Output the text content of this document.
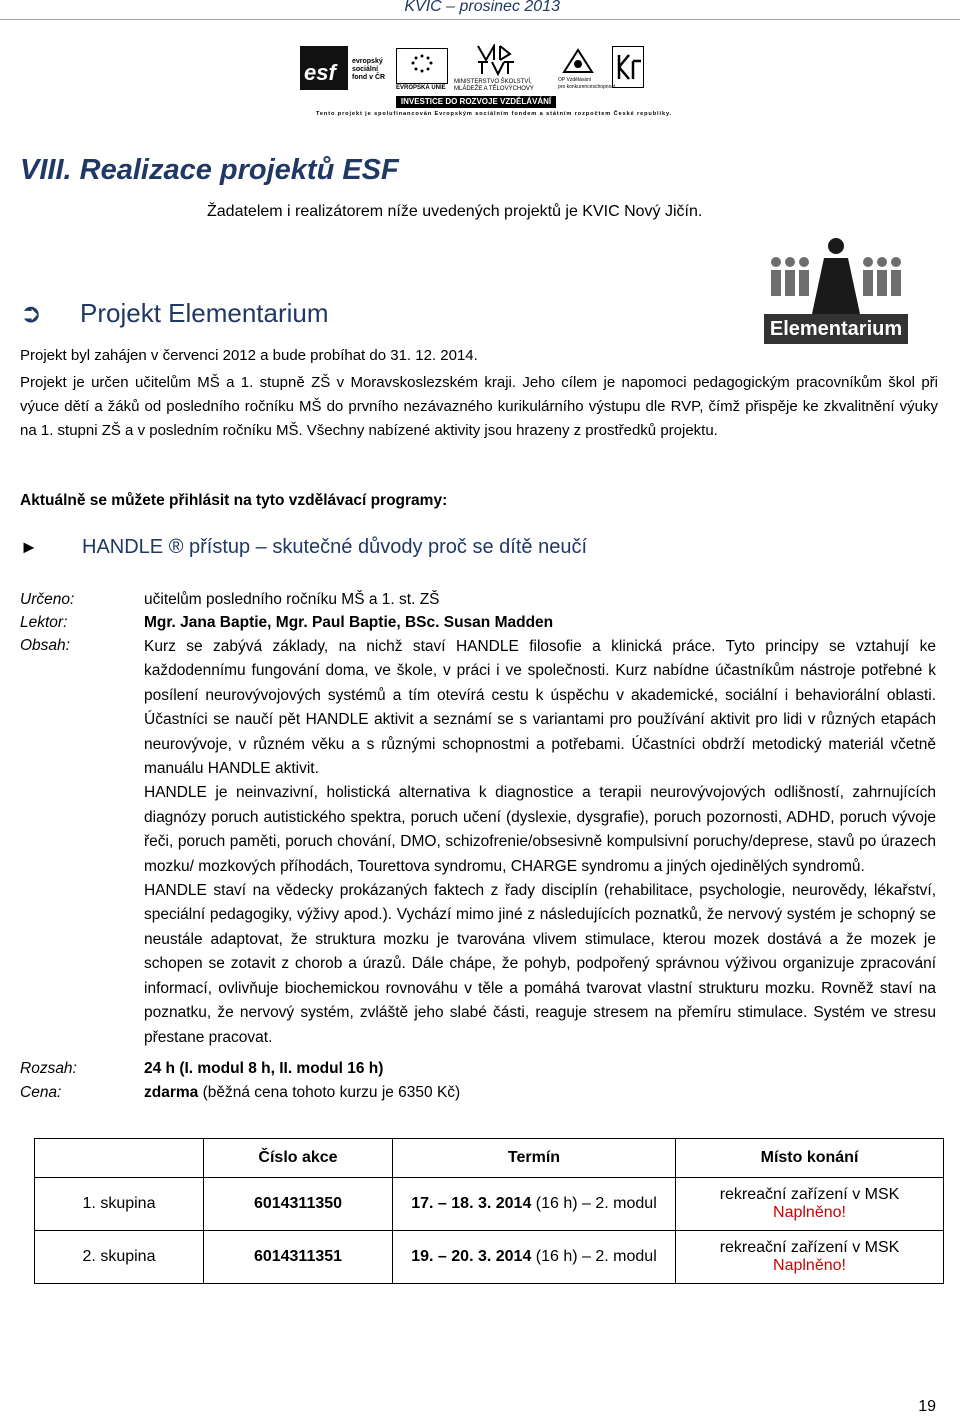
KVIC – prosinec 2013
esf evropský
sociální
fond v ČR
EVROPSKÁ UNIE
MINISTERSTVO ŠKOLSTVÍ,
MLÁDEŽE A TĚLOVÝCHOVY
OP Vzdělávání
pro konkurenceschopnost
INVESTICE DO ROZVOJE VZDĚLÁVÁNÍ
Tento projekt je spolufinancován Evropským sociálním fondem a státním rozpočtem České republiky.
VIII. Realizace projektů ESF
Žadatelem i realizátorem níže uvedených projektů je KVIC Nový Jičín.
➲ Projekt Elementarium
Elementarium
Projekt byl zahájen v červenci 2012 a bude probíhat do 31. 12. 2014.
Projekt je určen učitelům MŠ a 1. stupně ZŠ v Moravskoslezském kraji. Jeho cílem je napomoci pedagogickým pracovníkům škol při výuce dětí a žáků od posledního ročníku MŠ do prvního nezávazného kurikulárního výstupu dle RVP, čímž přispěje ke zkvalitnění výuky na 1. stupni ZŠ a v posledním ročníku MŠ. Všechny nabízené aktivity jsou hrazeny z prostředků projektu.
Aktuálně se můžete přihlásit na tyto vzdělávací programy:
► HANDLE ® přístup – skutečné důvody proč se dítě neučí
Určeno:	učitelům posledního ročníku MŠ a 1. st. ZŠ
Lektor:	Mgr. Jana Baptie, Mgr. Paul Baptie, BSc. Susan Madden
Obsah:	Kurz se zabývá základy, na nichž staví HANDLE filosofie a klinická práce. Tyto principy se vztahují ke každodennímu fungování doma, ve škole, v práci i ve společnosti. Kurz nabídne účastníkům nástroje potřebné k posílení neurovývojových systémů a tím otevírá cestu k úspěchu v akademické, sociální i behaviorální oblasti. Účastníci se naučí pět HANDLE aktivit a seznámí se s variantami pro používání aktivit pro lidi v různých etapách neurovývoje, v různém věku a s různými schopnostmi a potřebami. Účastníci obdrží metodický materiál včetně manuálu HANDLE aktivit.

HANDLE je neinvazivní, holistická alternativa k diagnostice a terapii neurovývojových odlišností, zahrnujících diagnózy poruch autistického spektra, poruch učení (dyslexie, dysgrafie), poruch pozornosti, ADHD, poruch vývoje řeči, poruch paměti, poruch chování, DMO, schizofrenie/obsesivně kompulsivní poruchy/deprese, stavů po úrazech mozku/ mozkových příhodách, Tourettova syndromu, CHARGE syndromu a jiných ojedinělých syndromů.

HANDLE staví na vědecky prokázaných faktech z řady disciplín (rehabilitace, psychologie, neurovědy, lékařství, speciální pedagogiky, výživy apod.). Vychází mimo jiné z následujících poznatků, že nervový systém je schopný se neustále adaptovat, že struktura mozku je tvarována vlivem stimulace, kterou mozek dostává a že mozek je schopen se zotavit z chorob a úrazů. Dále chápe, že pohyb, podpořený správnou výživou organizuje zpracování informací, ovlivňuje biochemickou rovnováhu v těle a pomáhá tvarovat vlastní strukturu mozku. Rovněž staví na poznatku, že nervový systém, zvláště jeho slabé části, reaguje stresem na přemíru stimulace. Systém ve stresu přestane pracovat.

Rozsah:	24 h (I. modul 8 h, II. modul 16 h)
Cena:	zdarma (běžná cena tohoto kurzu je 6350 Kč)
	Číslo akce	Termín	Místo konání
1. skupina	6014311350	17. – 18. 3. 2014 (16 h) – 2. modul	rekreační zařízení v MSK
Naplněno!

2. skupina	6014311351	19. – 20. 3. 2014 (16 h) – 2. modul	rekreační zařízení v MSK
Naplněno!
19
